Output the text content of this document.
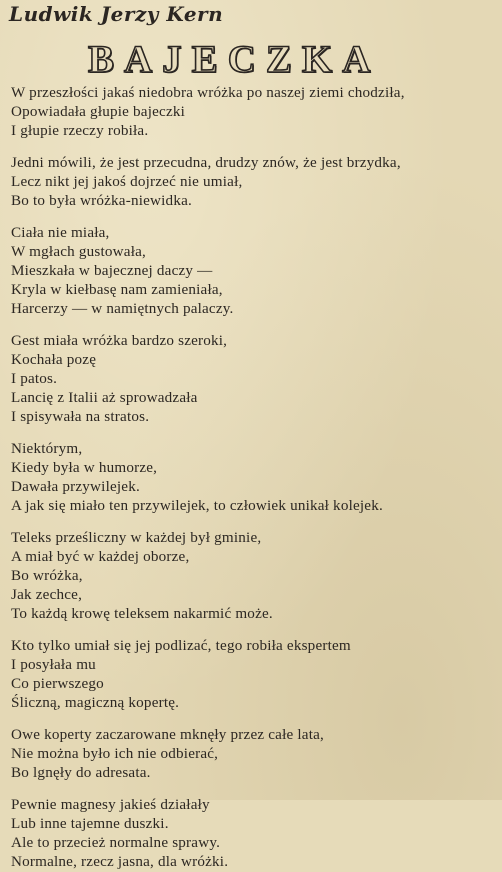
Ludwik Jerzy Kern
BAJECZKA
W przeszłości jakaś niedobra wróżka po naszej ziemi chodziła,
Opowiadała głupie bajeczki
I głupie rzeczy robiła.
Jedni mówili, że jest przecudna, drudzy znów, że jest brzydka,
Lecz nikt jej jakoś dojrzeć nie umiał,
Bo to była wróżka-niewidka.
Ciała nie miała,
W mgłach gustowała,
Mieszkała w bajecznej daczy —
Kryla w kiełbasę nam zamieniała,
Harcerzy — w namiętnych palaczy.
Gest miała wróżka bardzo szeroki,
Kochała pozę
I patos.
Lancię z Italii aż sprowadzała
I spisywała na stratos.
Niektórym,
Kiedy była w humorze,
Dawała przywilejek.
A jak się miało ten przywilejek, to człowiek unikał kolejek.
Teleks prześliczny w każdej był gminie,
A miał być w każdej oborze,
Bo wróżka,
Jak zechce,
To każdą krowę teleksem nakarmić może.
Kto tylko umiał się jej podlizać, tego robiła ekspertem
I posyłała mu
Co pierwszego
Śliczną, magiczną kopertę.
Owe koperty zaczarowane mknęły przez całe lata,
Nie można było ich nie odbierać,
Bo lgnęły do adresata.
Pewnie magnesy jakieś działały
Lub inne tajemne duszki.
Ale to przecież normalne sprawy.
Normalne, rzecz jasna, dla wróżki.
